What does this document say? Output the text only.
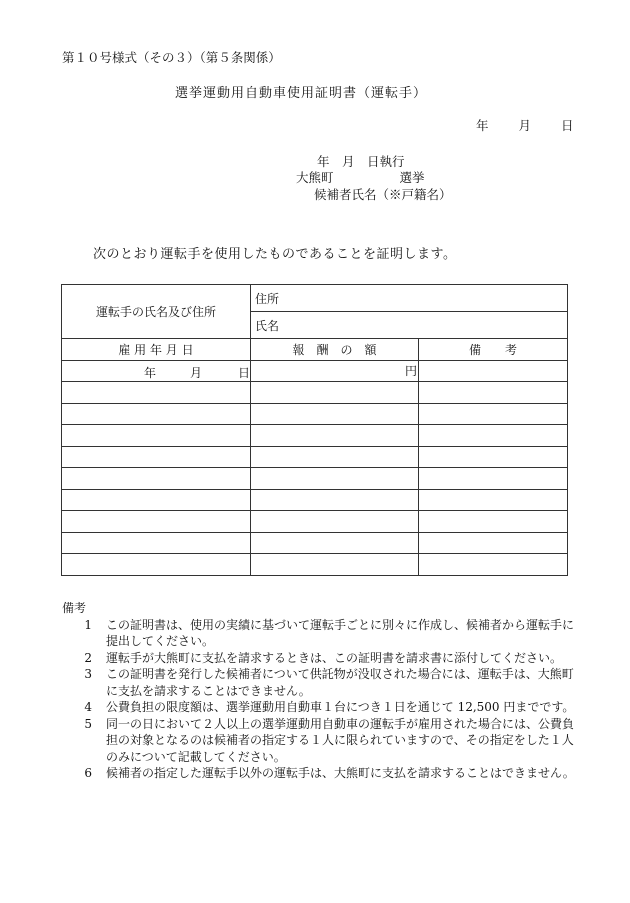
第１０号様式（その３）（第５条関係）
選挙運動用自動車使用証明書（運転手）
年 月 日
年　月　日執行
大熊町	選挙
候補者氏名（※戸籍名）
次のとおり運転手を使用したものであることを証明します。
運転手の氏名及び住所	住所	
	氏名	
雇 用 年 月 日	報　酬　の　額	備　　考

年 月 日	円	

備考
1	この証明書は、使用の実績に基づいて運転手ごとに別々に作成し、候補者から運転手に提出してください。
2	運転手が大熊町に支払を請求するときは、この証明書を請求書に添付してください。
3	この証明書を発行した候補者について供託物が没収された場合には、運転手は、大熊町に支払を請求することはできません。
4	公費負担の限度額は、選挙運動用自動車１台につき１日を通じて 12,500 円までです。
5	同一の日において２人以上の選挙運動用自動車の運転手が雇用された場合には、公費負担の対象となるのは候補者の指定する１人に限られていますので、その指定をした１人のみについて記載してください。
6	候補者の指定した運転手以外の運転手は、大熊町に支払を請求することはできません。
